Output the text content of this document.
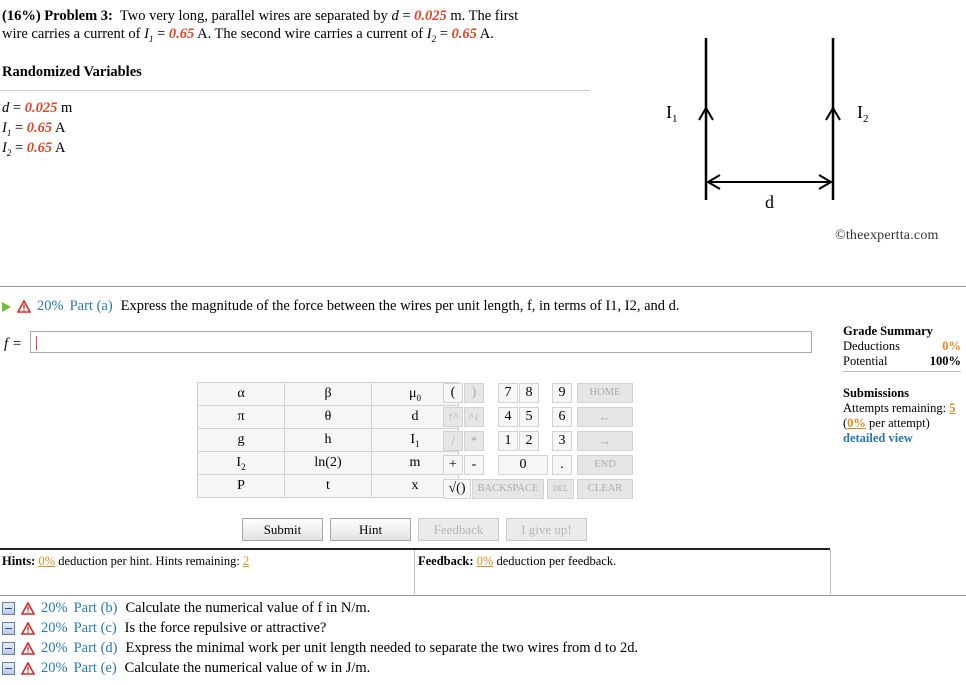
(16%) Problem 3: Two very long, parallel wires are separated by d = 0.025 m. The first
wire carries a current of $I_1 = 0.65$ A. The second wire carries a current of $I_2 = 0.65$ A.
Randomized Variables
d = 0.025 m
$I_1 = 0.65$ A
$I_2 = 0.65$ A
$I_1$	$I_2$
d
©theexpertta.com
20% Part (a) Express the magnitude of the force between the wires per unit length, f, in terms of I1, I2, and d.
f =
Grade Summary
Deductions	0%
Potential	100%
Submissions
Attempts remaining: 5
(0% per attempt)
detailed view
α	β	$\mu_0$
π	θ	d
g	h	$I_1$
$I_2$	ln(2)	m
P	t	x
(	)	7	8	9	HOME
↑^ ^↓	4	5	6	←
/	*	1	2	3	→
+	-	0	.	END
√()	BACKSPACE	DEL	CLEAR
Submit	Hint	Feedback	I give up!
Hints: 0% deduction per hint. Hints remaining: 2	Feedback: 0% deduction per feedback.
20% Part (b) Calculate the numerical value of f in N/m.
20% Part (c) Is the force repulsive or attractive?
20% Part (d) Express the minimal work per unit length needed to separate the two wires from d to 2d.
20% Part (e) Calculate the numerical value of w in J/m.
